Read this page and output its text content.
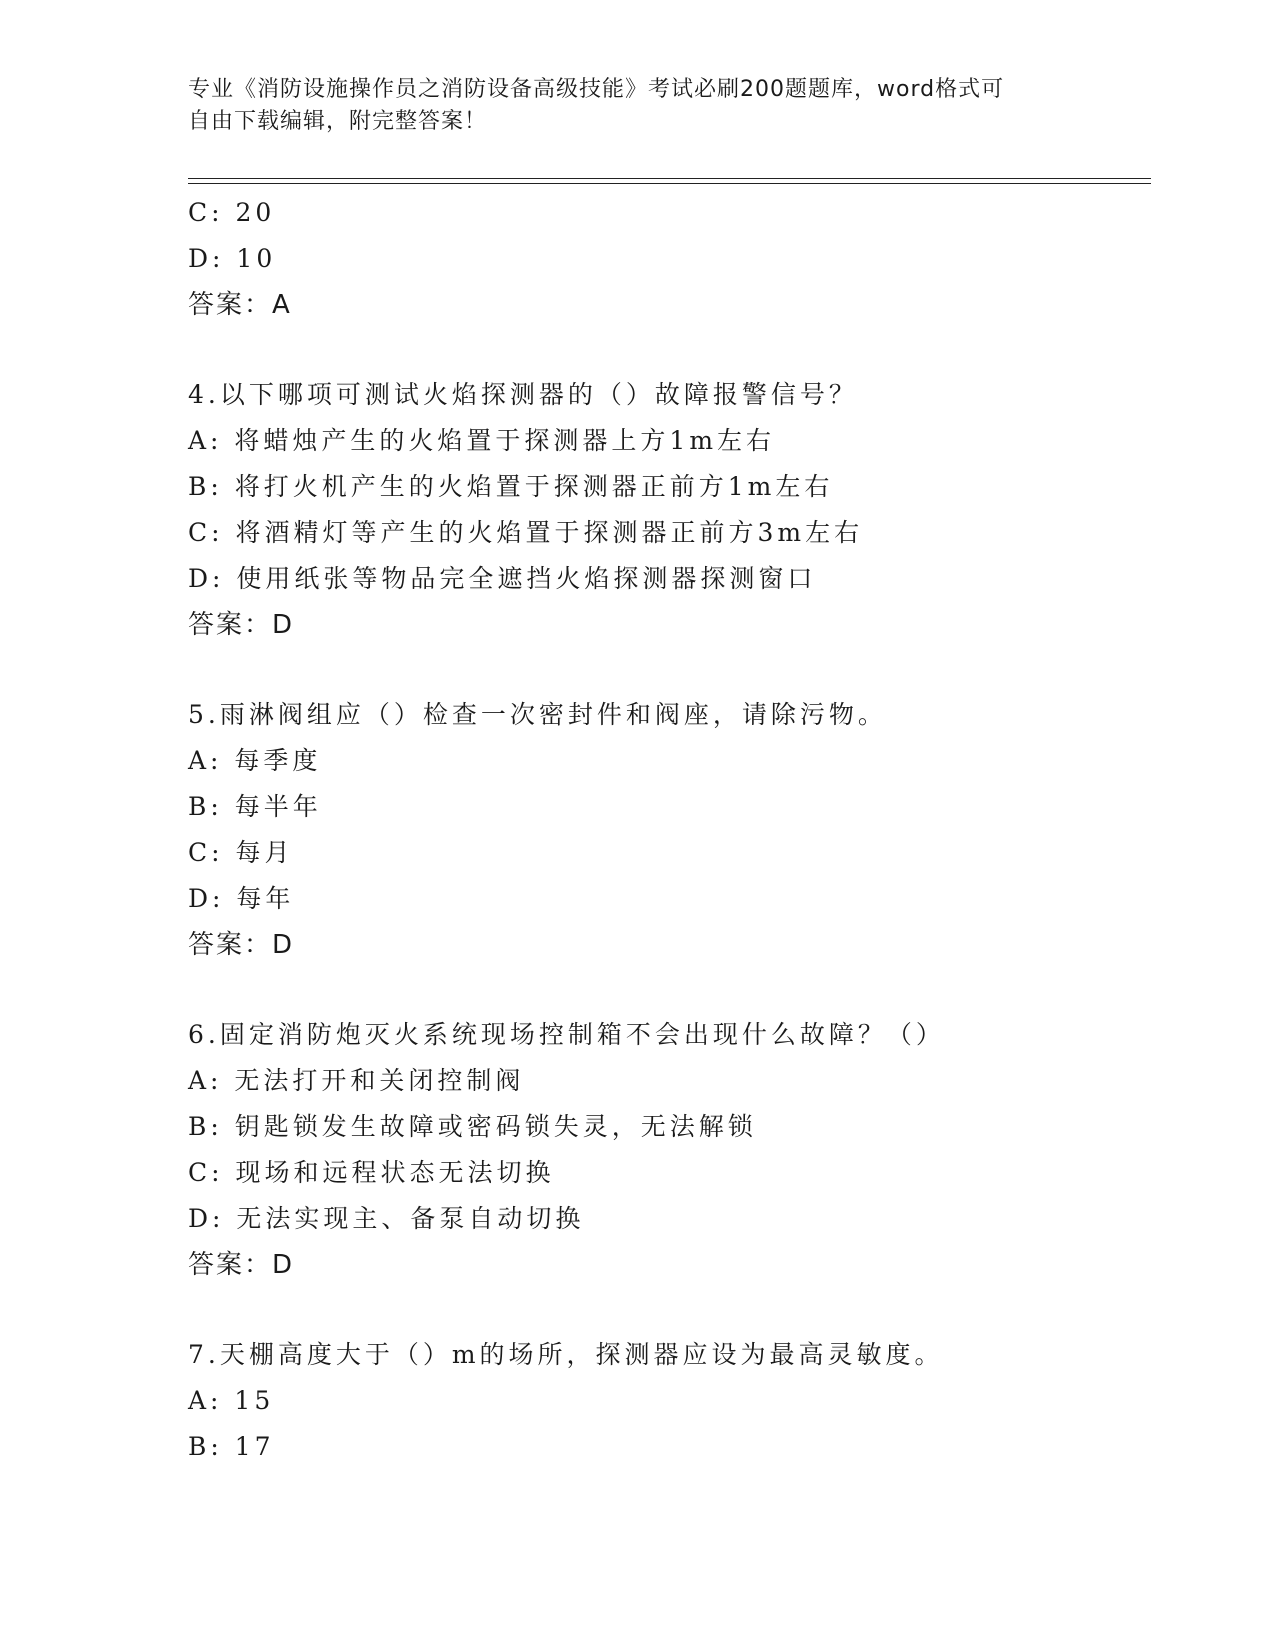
专业《消防设施操作员之消防设备高级技能》考试必刷200题题库，word格式可
自由下载编辑，附完整答案！
C: 20
D: 10
答案：A
4.以下哪项可测试火焰探测器的（）故障报警信号？
A: 将蜡烛产生的火焰置于探测器上方1m左右
B: 将打火机产生的火焰置于探测器正前方1m左右
C: 将酒精灯等产生的火焰置于探测器正前方3m左右
D: 使用纸张等物品完全遮挡火焰探测器探测窗口
答案：D
5.雨淋阀组应（）检查一次密封件和阀座，请除污物。
A: 每季度
B: 每半年
C: 每月
D: 每年
答案：D
6.固定消防炮灭火系统现场控制箱不会出现什么故障？（）
A: 无法打开和关闭控制阀
B: 钥匙锁发生故障或密码锁失灵，无法解锁
C: 现场和远程状态无法切换
D: 无法实现主、备泵自动切换
答案：D
7.天棚高度大于（）m的场所，探测器应设为最高灵敏度。
A: 15
B: 17
